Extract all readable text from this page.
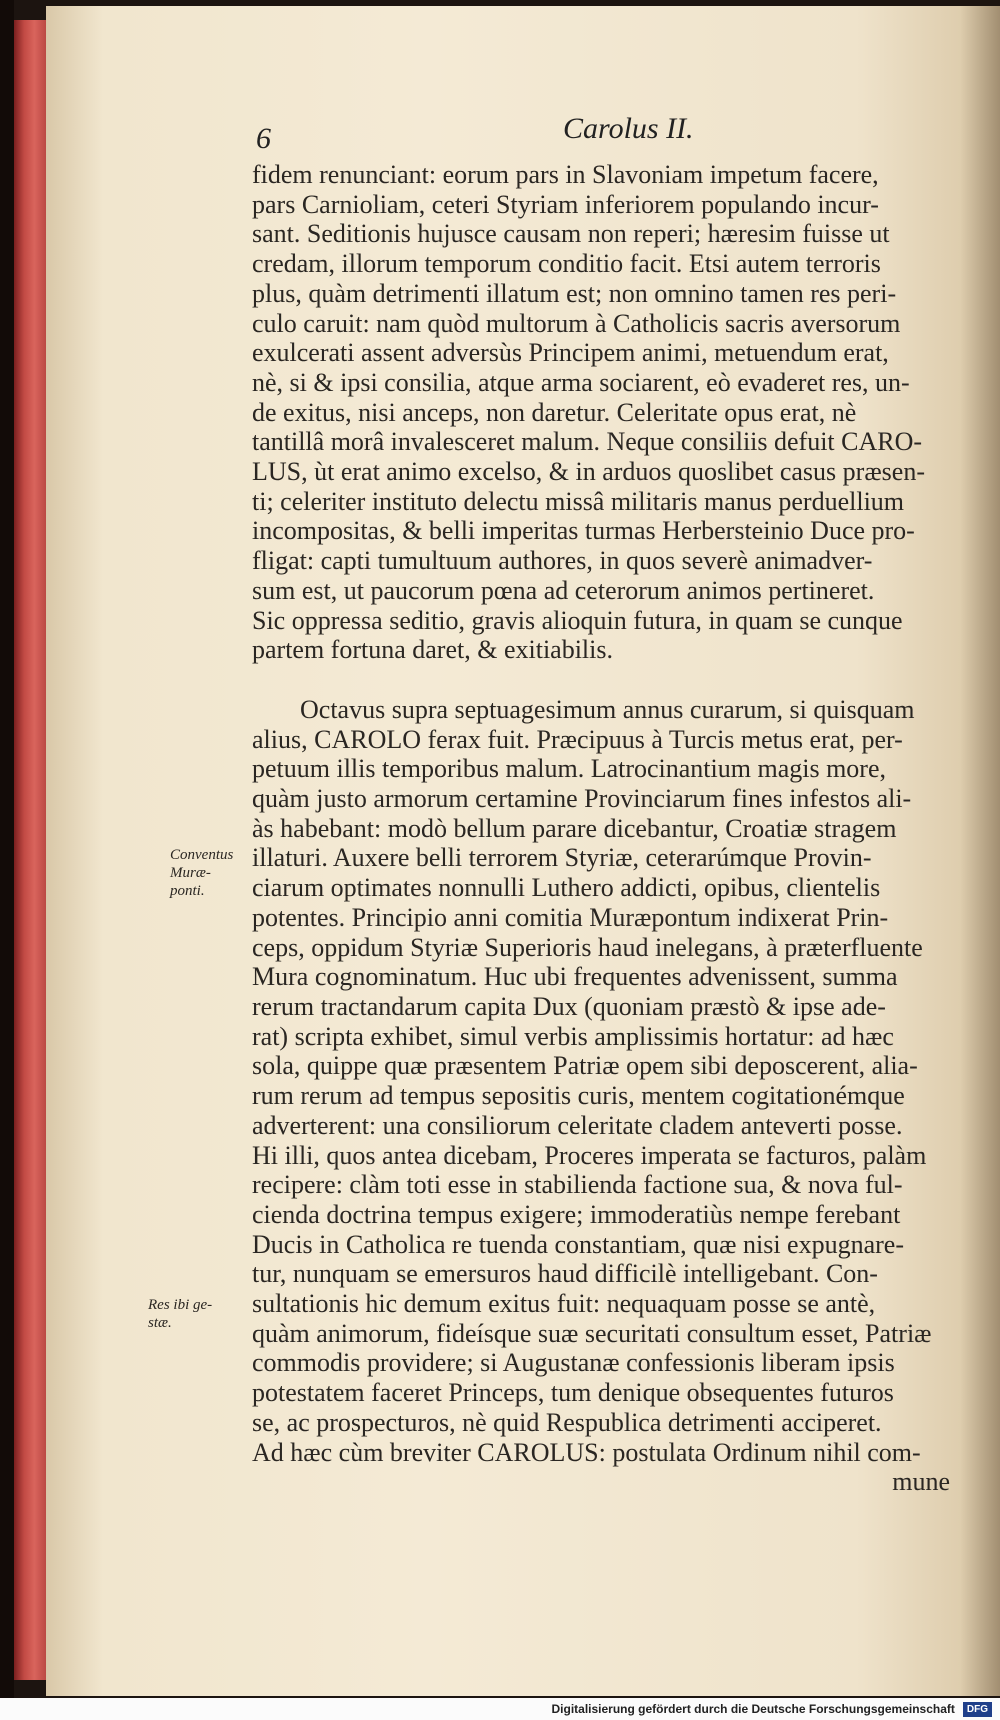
6	Carolus II.
Conventus
Muræ-
ponti.
Res ibi ge-
stæ.
fidem renunciant: eorum pars in Slavoniam impetum facere,
pars Carnioliam, ceteri Styriam inferiorem populando incur-
sant. Seditionis hujusce causam non reperi; hæresim fuisse ut
credam, illorum temporum conditio facit. Etsi autem terroris
plus, quàm detrimenti illatum est; non omnino tamen res peri-
culo caruit: nam quòd multorum à Catholicis sacris aversorum
exulcerati assent adversùs Principem animi, metuendum erat,
nè, si & ipsi consilia, atque arma sociarent, eò evaderet res, un-
de exitus, nisi anceps, non daretur. Celeritate opus erat, nè
tantillâ morâ invalesceret malum. Neque consiliis defuit CARO-
LUS, ùt erat animo excelso, & in arduos quoslibet casus præsen-
ti; celeriter instituto delectu missâ militaris manus perduellium
incompositas, & belli imperitas turmas Herbersteinio Duce pro-
fligat: capti tumultuum authores, in quos severè animadver-
sum est, ut paucorum pœna ad ceterorum animos pertineret.
Sic oppressa seditio, gravis alioquin futura, in quam se cunque
partem fortuna daret, & exitiabilis.
Octavus supra septuagesimum annus curarum, si quisquam
alius, CAROLO ferax fuit. Præcipuus à Turcis metus erat, per-
petuum illis temporibus malum. Latrocinantium magis more,
quàm justo armorum certamine Provinciarum fines infestos ali-
às habebant: modò bellum parare dicebantur, Croatiæ stragem
illaturi. Auxere belli terrorem Styriæ, ceterarúmque Provin-
ciarum optimates nonnulli Luthero addicti, opibus, clientelis
potentes. Principio anni comitia Muræpontum indixerat Prin-
ceps, oppidum Styriæ Superioris haud inelegans, à præterfluente
Mura cognominatum. Huc ubi frequentes advenissent, summa
rerum tractandarum capita Dux (quoniam præstò & ipse ade-
rat) scripta exhibet, simul verbis amplissimis hortatur: ad hæc
sola, quippe quæ præsentem Patriæ opem sibi deposcerent, alia-
rum rerum ad tempus sepositis curis, mentem cogitationémque
adverterent: una consiliorum celeritate cladem anteverti posse.
Hi illi, quos antea dicebam, Proceres imperata se facturos, palàm
recipere: clàm toti esse in stabilienda factione sua, & nova ful-
cienda doctrina tempus exigere; immoderatiùs nempe ferebant
Ducis in Catholica re tuenda constantiam, quæ nisi expugnare-
tur, nunquam se emersuros haud difficilè intelligebant. Con-
sultationis hic demum exitus fuit: nequaquam posse se antè,
quàm animorum, fideísque suæ securitati consultum esset, Patriæ
commodis providere; si Augustanæ confessionis liberam ipsis
potestatem faceret Princeps, tum denique obsequentes futuros
se, ac prospecturos, nè quid Respublica detrimenti acciperet.
Ad hæc cùm breviter CAROLUS: postulata Ordinum nihil com-
mune
Digitalisierung gefördert durch die Deutsche Forschungsgemeinschaft	DFG
